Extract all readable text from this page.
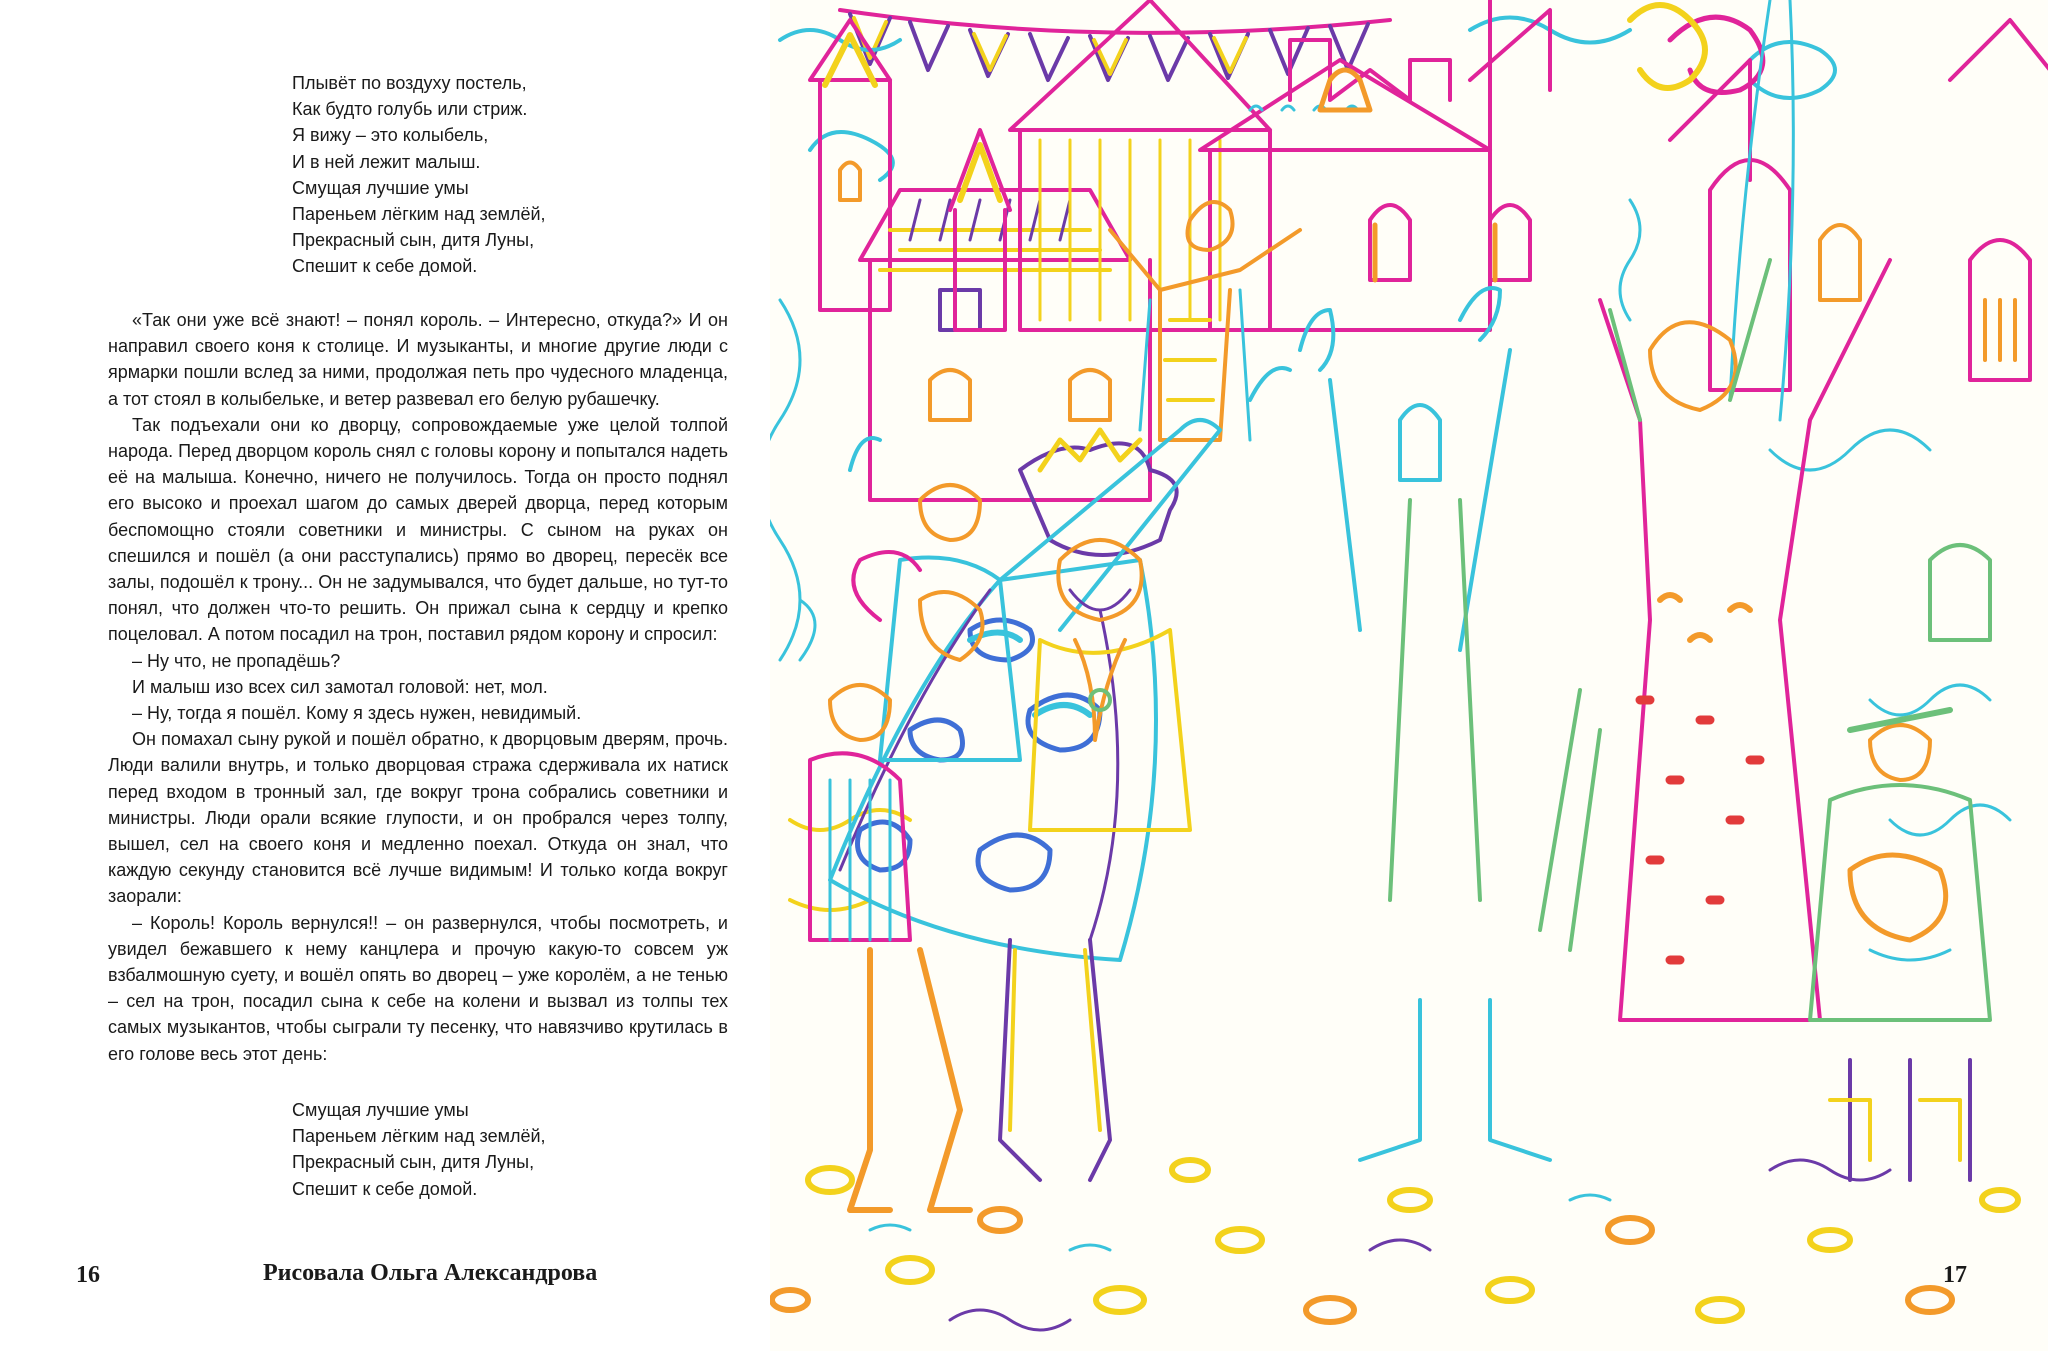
Плывёт по воздуху постель,
Как будто голубь или стриж.
Я вижу – это колыбель,
И в ней лежит малыш.
Смущая лучшие умы
Пареньем лёгким над землёй,
Прекрасный сын, дитя Луны,
Спешит к себе домой.

«Так они уже всё знают! – понял король. – Интересно, откуда?» И он направил своего коня к столице. И музыканты, и многие другие люди с ярмарки пошли вслед за ними, продолжая петь про чудесного младенца, а тот стоял в колыбельке, и ветер развевал его белую рубашечку.

Так подъехали они ко дворцу, сопровождаемые уже целой толпой народа. Перед дворцом король снял с головы корону и попытался надеть её на малыша. Конечно, ничего не получилось. Тогда он просто поднял его высоко и проехал шагом до самых дверей дворца, перед которым беспомощно стояли советники и министры. С сыном на руках он спешился и пошёл (а они расступались) прямо во дворец, пересёк все залы, подошёл к трону... Он не задумывался, что будет дальше, но тут-то понял, что должен что-то решить. Он прижал сына к сердцу и крепко поцеловал. А потом посадил на трон, поставил рядом корону и спросил:

– Ну что, не пропадёшь?

И малыш изо всех сил замотал головой: нет, мол.

– Ну, тогда я пошёл. Кому я здесь нужен, невидимый.

Он помахал сыну рукой и пошёл обратно, к дворцовым дверям, прочь. Люди валили внутрь, и только дворцовая стража сдерживала их натиск перед входом в тронный зал, где вокруг трона собрались советники и министры. Люди орали всякие глупости, и он пробрался через толпу, вышел, сел на своего коня и медленно поехал. Откуда он знал, что каждую секунду становится всё лучше видимым! И только когда вокруг заорали:

– Король! Король вернулся!! – он развернулся, чтобы посмотреть, и увидел бежавшего к нему канцлера и прочую какую-то совсем уж взбалмошную суету, и вошёл опять во дворец – уже королём, а не тенью – сел на трон, посадил сына к себе на колени и вызвал из толпы тех самых музыкантов, чтобы сыграли ту песенку, что навязчиво крутилась в его голове весь этот день:

Смущая лучшие умы
Пареньем лёгким над землёй,
Прекрасный сын, дитя Луны,
Спешит к себе домой.
16	Рисовала Ольга Александрова	17
